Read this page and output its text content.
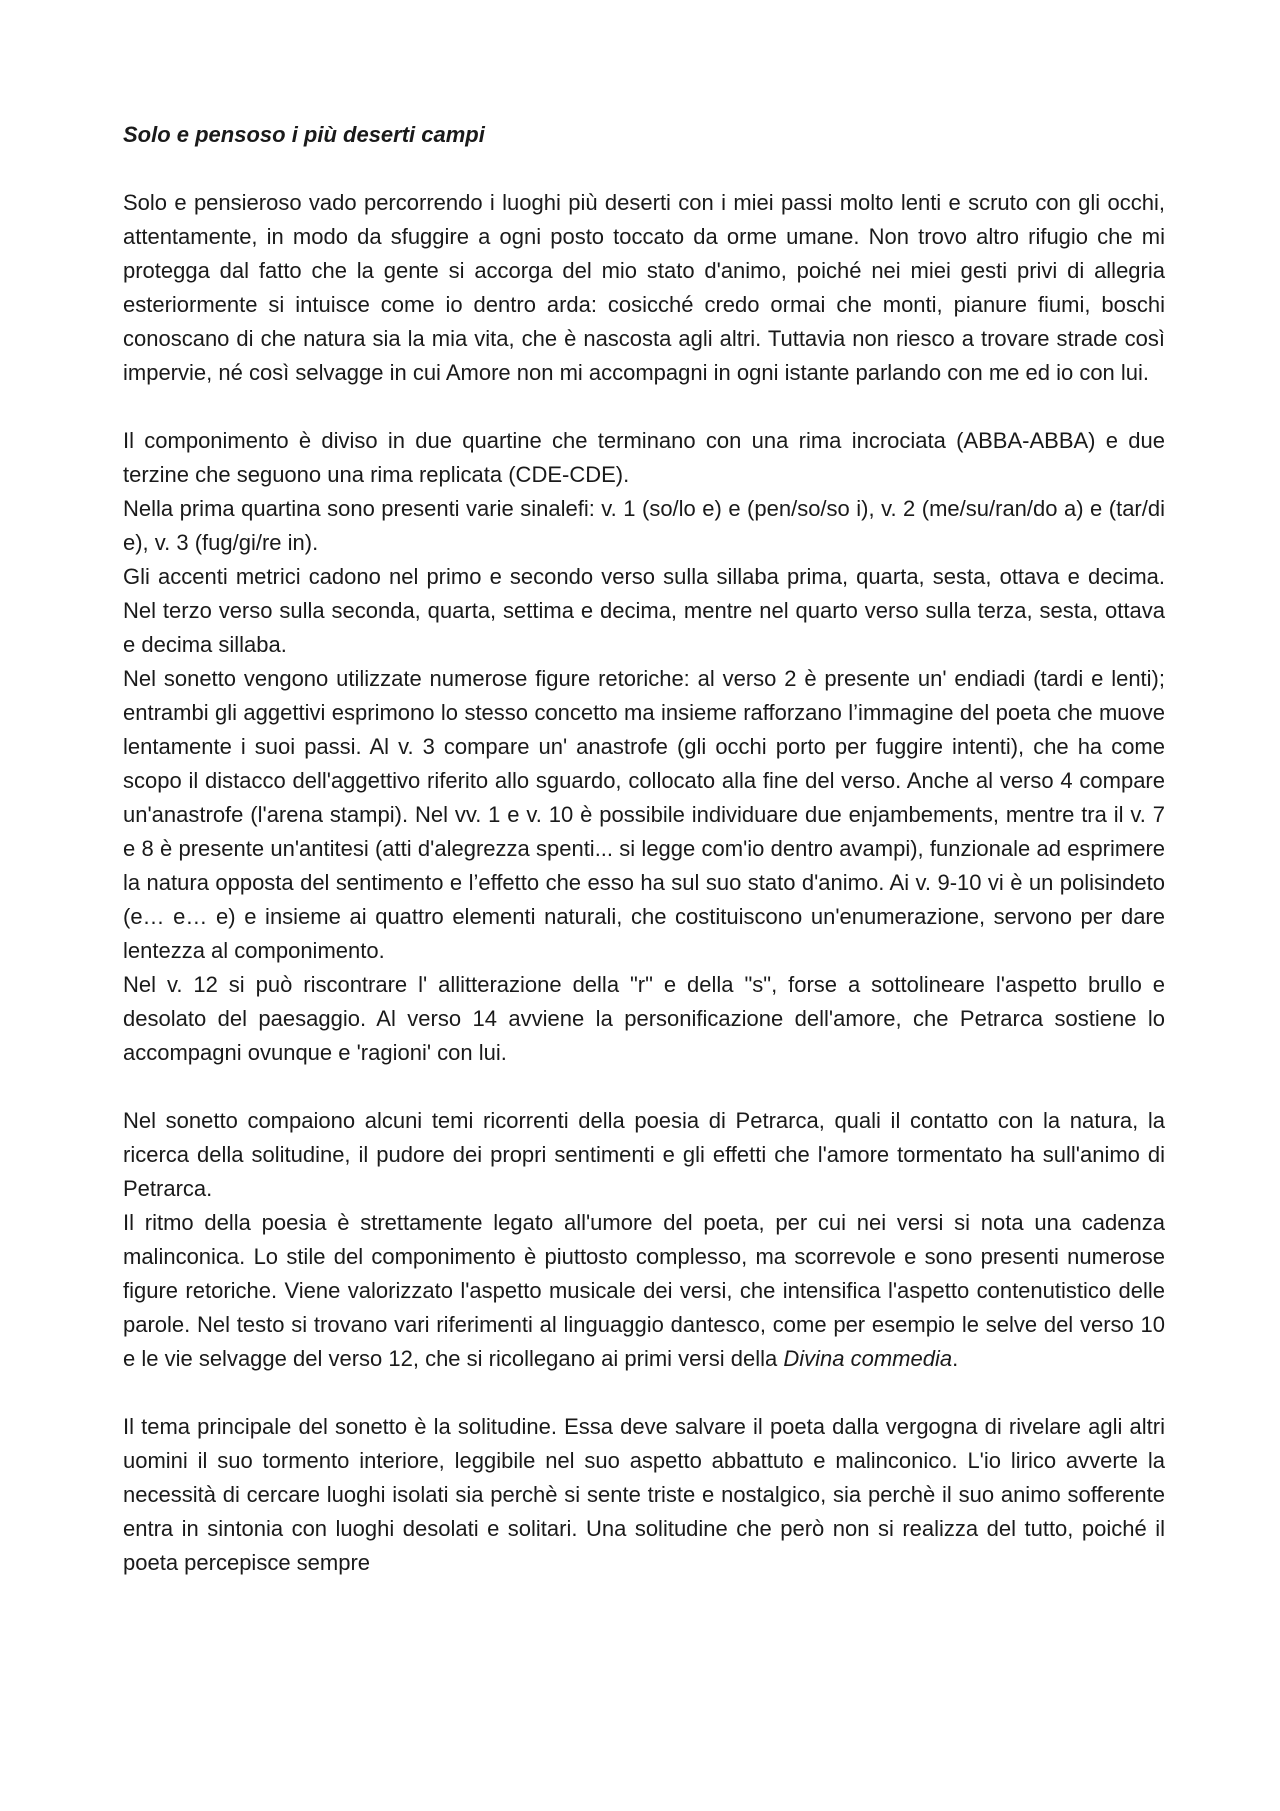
Solo e pensoso i più deserti campi

Solo e pensieroso vado percorrendo i luoghi più deserti con i miei passi molto lenti e scruto con gli occhi, attentamente, in modo da sfuggire a ogni posto toccato da orme umane. Non trovo altro rifugio che mi protegga dal fatto che la gente si accorga del mio stato d'animo, poiché nei miei gesti privi di allegria esteriormente si intuisce come io dentro arda: cosicché credo ormai che monti, pianure fiumi, boschi conoscano di che natura sia la mia vita, che è nascosta agli altri. Tuttavia non riesco a trovare strade così impervie, né così selvagge in cui Amore non mi accompagni in ogni istante parlando con me ed io con lui.

Il componimento è diviso in due quartine che terminano con una rima incrociata (ABBA-ABBA) e due terzine che seguono una rima replicata (CDE-CDE).

Nella prima quartina sono presenti varie sinalefi: v. 1 (so/lo e) e (pen/so/so i), v. 2 (me/su/ran/do a) e (tar/di e), v. 3 (fug/gi/re in).

Gli accenti metrici cadono nel primo e secondo verso sulla sillaba prima, quarta, sesta, ottava e decima. Nel terzo verso sulla seconda, quarta, settima e decima, mentre nel quarto verso sulla terza, sesta, ottava e decima sillaba.

Nel sonetto vengono utilizzate numerose figure retoriche: al verso 2 è presente un' endiadi (tardi e lenti); entrambi gli aggettivi esprimono lo stesso concetto ma insieme rafforzano l’immagine del poeta che muove lentamente i suoi passi. Al v. 3 compare un' anastrofe (gli occhi porto per fuggire intenti), che ha come scopo il distacco dell'aggettivo riferito allo sguardo, collocato alla fine del verso. Anche al verso 4 compare un'anastrofe (l'arena stampi). Nel vv. 1 e v. 10 è possibile individuare due enjambements, mentre tra il v. 7 e 8 è presente un'antitesi (atti d'alegrezza spenti... si legge com'io dentro avampi), funzionale ad esprimere la natura opposta del sentimento e l’effetto che esso ha sul suo stato d'animo. Ai v. 9-10 vi è un polisindeto (e… e… e) e insieme ai quattro elementi naturali, che costituiscono un'enumerazione, servono per dare lentezza al componimento.

Nel v. 12 si può riscontrare l' allitterazione della "r" e della "s", forse a sottolineare l'aspetto brullo e desolato del paesaggio. Al verso 14 avviene la personificazione dell'amore, che Petrarca sostiene lo accompagni ovunque e 'ragioni' con lui.

Nel sonetto compaiono alcuni temi ricorrenti della poesia di Petrarca, quali il contatto con la natura, la ricerca della solitudine, il pudore dei propri sentimenti e gli effetti che l'amore tormentato ha sull'animo di Petrarca.

Il ritmo della poesia è strettamente legato all'umore del poeta, per cui nei versi si nota una cadenza malinconica. Lo stile del componimento è piuttosto complesso, ma scorrevole e sono presenti numerose figure retoriche. Viene valorizzato l'aspetto musicale dei versi, che intensifica l'aspetto contenutistico delle parole. Nel testo si trovano vari riferimenti al linguaggio dantesco, come per esempio le selve del verso 10 e le vie selvagge del verso 12, che si ricollegano ai primi versi della Divina commedia.

Il tema principale del sonetto è la solitudine. Essa deve salvare il poeta dalla vergogna di rivelare agli altri uomini il suo tormento interiore, leggibile nel suo aspetto abbattuto e malinconico. L'io lirico avverte la necessità di cercare luoghi isolati sia perchè si sente triste e nostalgico, sia perchè il suo animo sofferente entra in sintonia con luoghi desolati e solitari. Una solitudine che però non si realizza del tutto, poiché il poeta percepisce sempre
